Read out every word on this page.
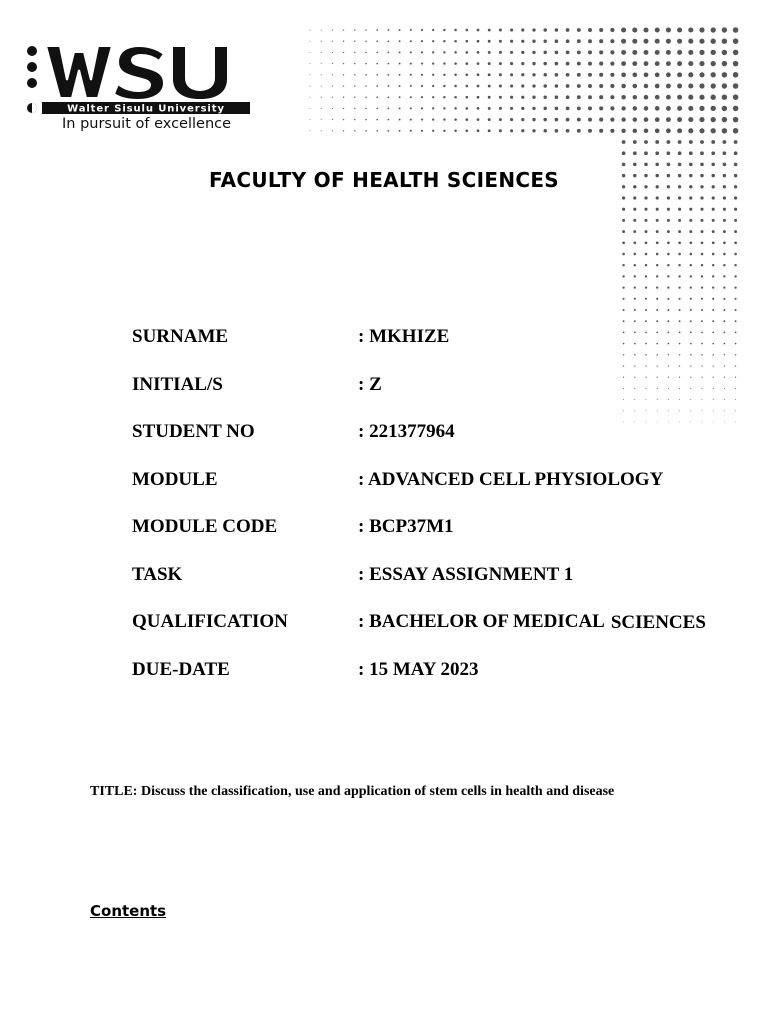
Walter Sisulu University
In pursuit of excellence
FACULTY OF HEALTH SCIENCES
SURNAME	: MKHIZE
INITIAL/S	: Z
STUDENT NO	: 221377964
MODULE	: ADVANCED CELL PHYSIOLOGY
MODULE CODE	: BCP37M1
TASK	: ESSAY ASSIGNMENT 1
QUALIFICATION	: BACHELOR OF MEDICAL SCIENCES
DUE-DATE	: 15 MAY 2023
TITLE: Discuss the classification, use and application of stem cells in health and disease
Contents
